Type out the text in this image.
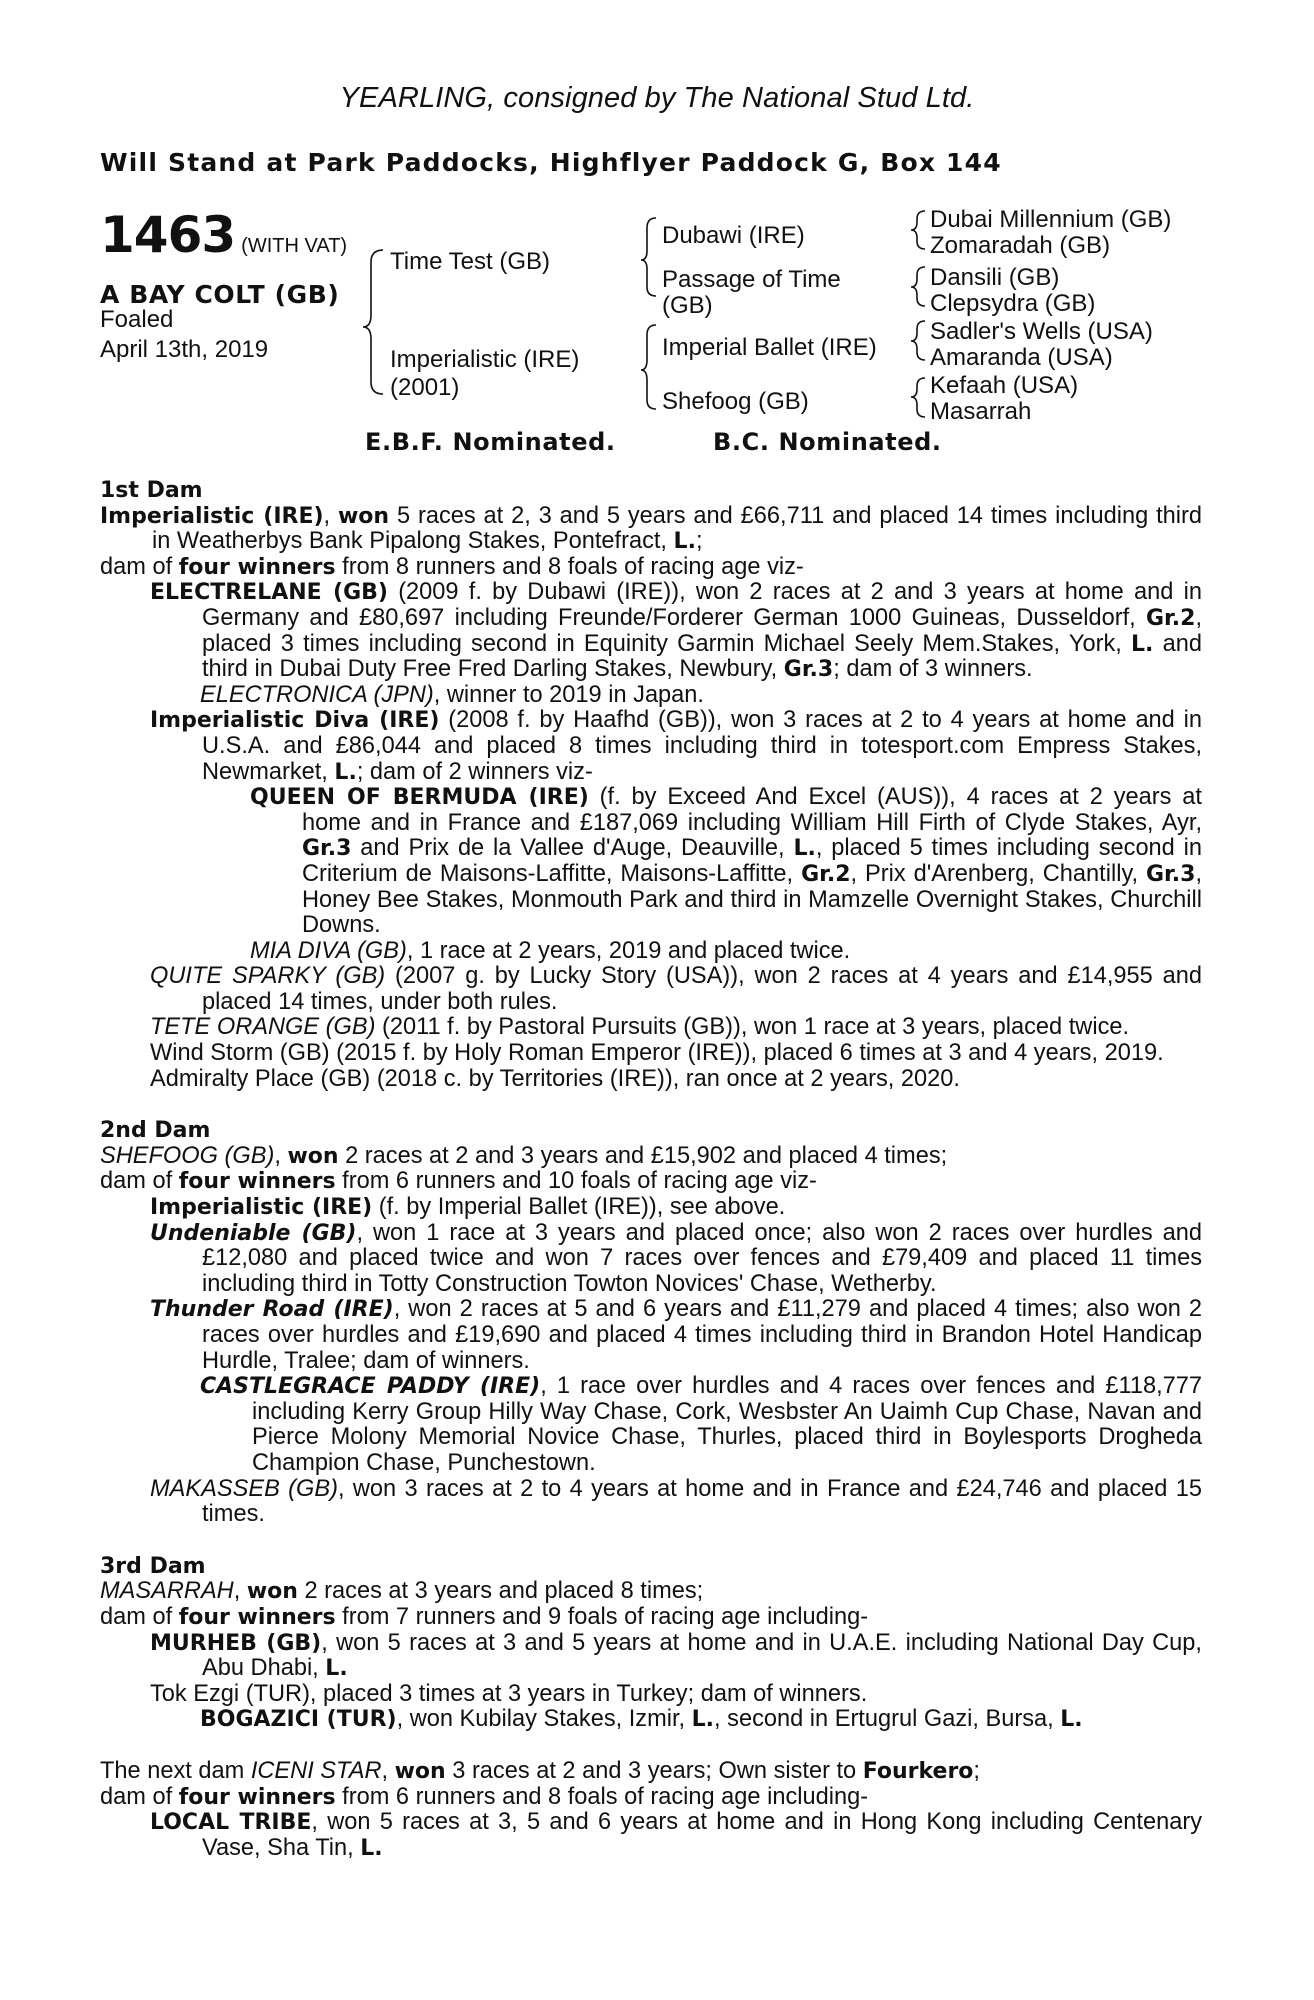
YEARLING, consigned by The National Stud Ltd.
Will Stand at Park Paddocks, Highflyer Paddock G, Box 144
1463 (WITH VAT)
A BAY COLT (GB)
Foaled
April 13th, 2019
Time Test (GB)
Imperialistic (IRE)
(2001)
Dubawi (IRE)
Passage of Time
(GB)
Imperial Ballet (IRE)
Shefoog (GB)
Dubai Millennium (GB)
Zomaradah (GB)
Dansili (GB)
Clepsydra (GB)
Sadler's Wells (USA)
Amaranda (USA)
Kefaah (USA)
Masarrah
E.B.F. Nominated.	B.C. Nominated.
1st Dam
Imperialistic (IRE), won 5 races at 2, 3 and 5 years and £66,711 and placed 14 times including third in Weatherbys Bank Pipalong Stakes, Pontefract, L.;
dam of four winners from 8 runners and 8 foals of racing age viz-
ELECTRELANE (GB) (2009 f. by Dubawi (IRE)), won 2 races at 2 and 3 years at home and in Germany and £80,697 including Freunde/Forderer German 1000 Guineas, Dusseldorf, Gr.2, placed 3 times including second in Equinity Garmin Michael Seely Mem.Stakes, York, L. and third in Dubai Duty Free Fred Darling Stakes, Newbury, Gr.3; dam of 3 winners.
ELECTRONICA (JPN), winner to 2019 in Japan.
Imperialistic Diva (IRE) (2008 f. by Haafhd (GB)), won 3 races at 2 to 4 years at home and in U.S.A. and £86,044 and placed 8 times including third in totesport.com Empress Stakes, Newmarket, L.; dam of 2 winners viz-
QUEEN OF BERMUDA (IRE) (f. by Exceed And Excel (AUS)), 4 races at 2 years at home and in France and £187,069 including William Hill Firth of Clyde Stakes, Ayr, Gr.3 and Prix de la Vallee d'Auge, Deauville, L., placed 5 times including second in Criterium de Maisons-Laffitte, Maisons-Laffitte, Gr.2, Prix d'Arenberg, Chantilly, Gr.3, Honey Bee Stakes, Monmouth Park and third in Mamzelle Overnight Stakes, Churchill Downs.
MIA DIVA (GB), 1 race at 2 years, 2019 and placed twice.
QUITE SPARKY (GB) (2007 g. by Lucky Story (USA)), won 2 races at 4 years and £14,955 and placed 14 times, under both rules.
TETE ORANGE (GB) (2011 f. by Pastoral Pursuits (GB)), won 1 race at 3 years, placed twice.
Wind Storm (GB) (2015 f. by Holy Roman Emperor (IRE)), placed 6 times at 3 and 4 years, 2019.
Admiralty Place (GB) (2018 c. by Territories (IRE)), ran once at 2 years, 2020.
2nd Dam
SHEFOOG (GB), won 2 races at 2 and 3 years and £15,902 and placed 4 times;
dam of four winners from 6 runners and 10 foals of racing age viz-
Imperialistic (IRE) (f. by Imperial Ballet (IRE)), see above.
Undeniable (GB), won 1 race at 3 years and placed once; also won 2 races over hurdles and £12,080 and placed twice and won 7 races over fences and £79,409 and placed 11 times including third in Totty Construction Towton Novices' Chase, Wetherby.
Thunder Road (IRE), won 2 races at 5 and 6 years and £11,279 and placed 4 times; also won 2 races over hurdles and £19,690 and placed 4 times including third in Brandon Hotel Handicap Hurdle, Tralee; dam of winners.
CASTLEGRACE PADDY (IRE), 1 race over hurdles and 4 races over fences and £118,777 including Kerry Group Hilly Way Chase, Cork, Wesbster An Uaimh Cup Chase, Navan and Pierce Molony Memorial Novice Chase, Thurles, placed third in Boylesports Drogheda Champion Chase, Punchestown.
MAKASSEB (GB), won 3 races at 2 to 4 years at home and in France and £24,746 and placed 15 times.
3rd Dam
MASARRAH, won 2 races at 3 years and placed 8 times;
dam of four winners from 7 runners and 9 foals of racing age including-
MURHEB (GB), won 5 races at 3 and 5 years at home and in U.A.E. including National Day Cup, Abu Dhabi, L.
Tok Ezgi (TUR), placed 3 times at 3 years in Turkey; dam of winners.
BOGAZICI (TUR), won Kubilay Stakes, Izmir, L., second in Ertugrul Gazi, Bursa, L.
The next dam ICENI STAR, won 3 races at 2 and 3 years; Own sister to Fourkero;
dam of four winners from 6 runners and 8 foals of racing age including-
LOCAL TRIBE, won 5 races at 3, 5 and 6 years at home and in Hong Kong including Centenary Vase, Sha Tin, L.
